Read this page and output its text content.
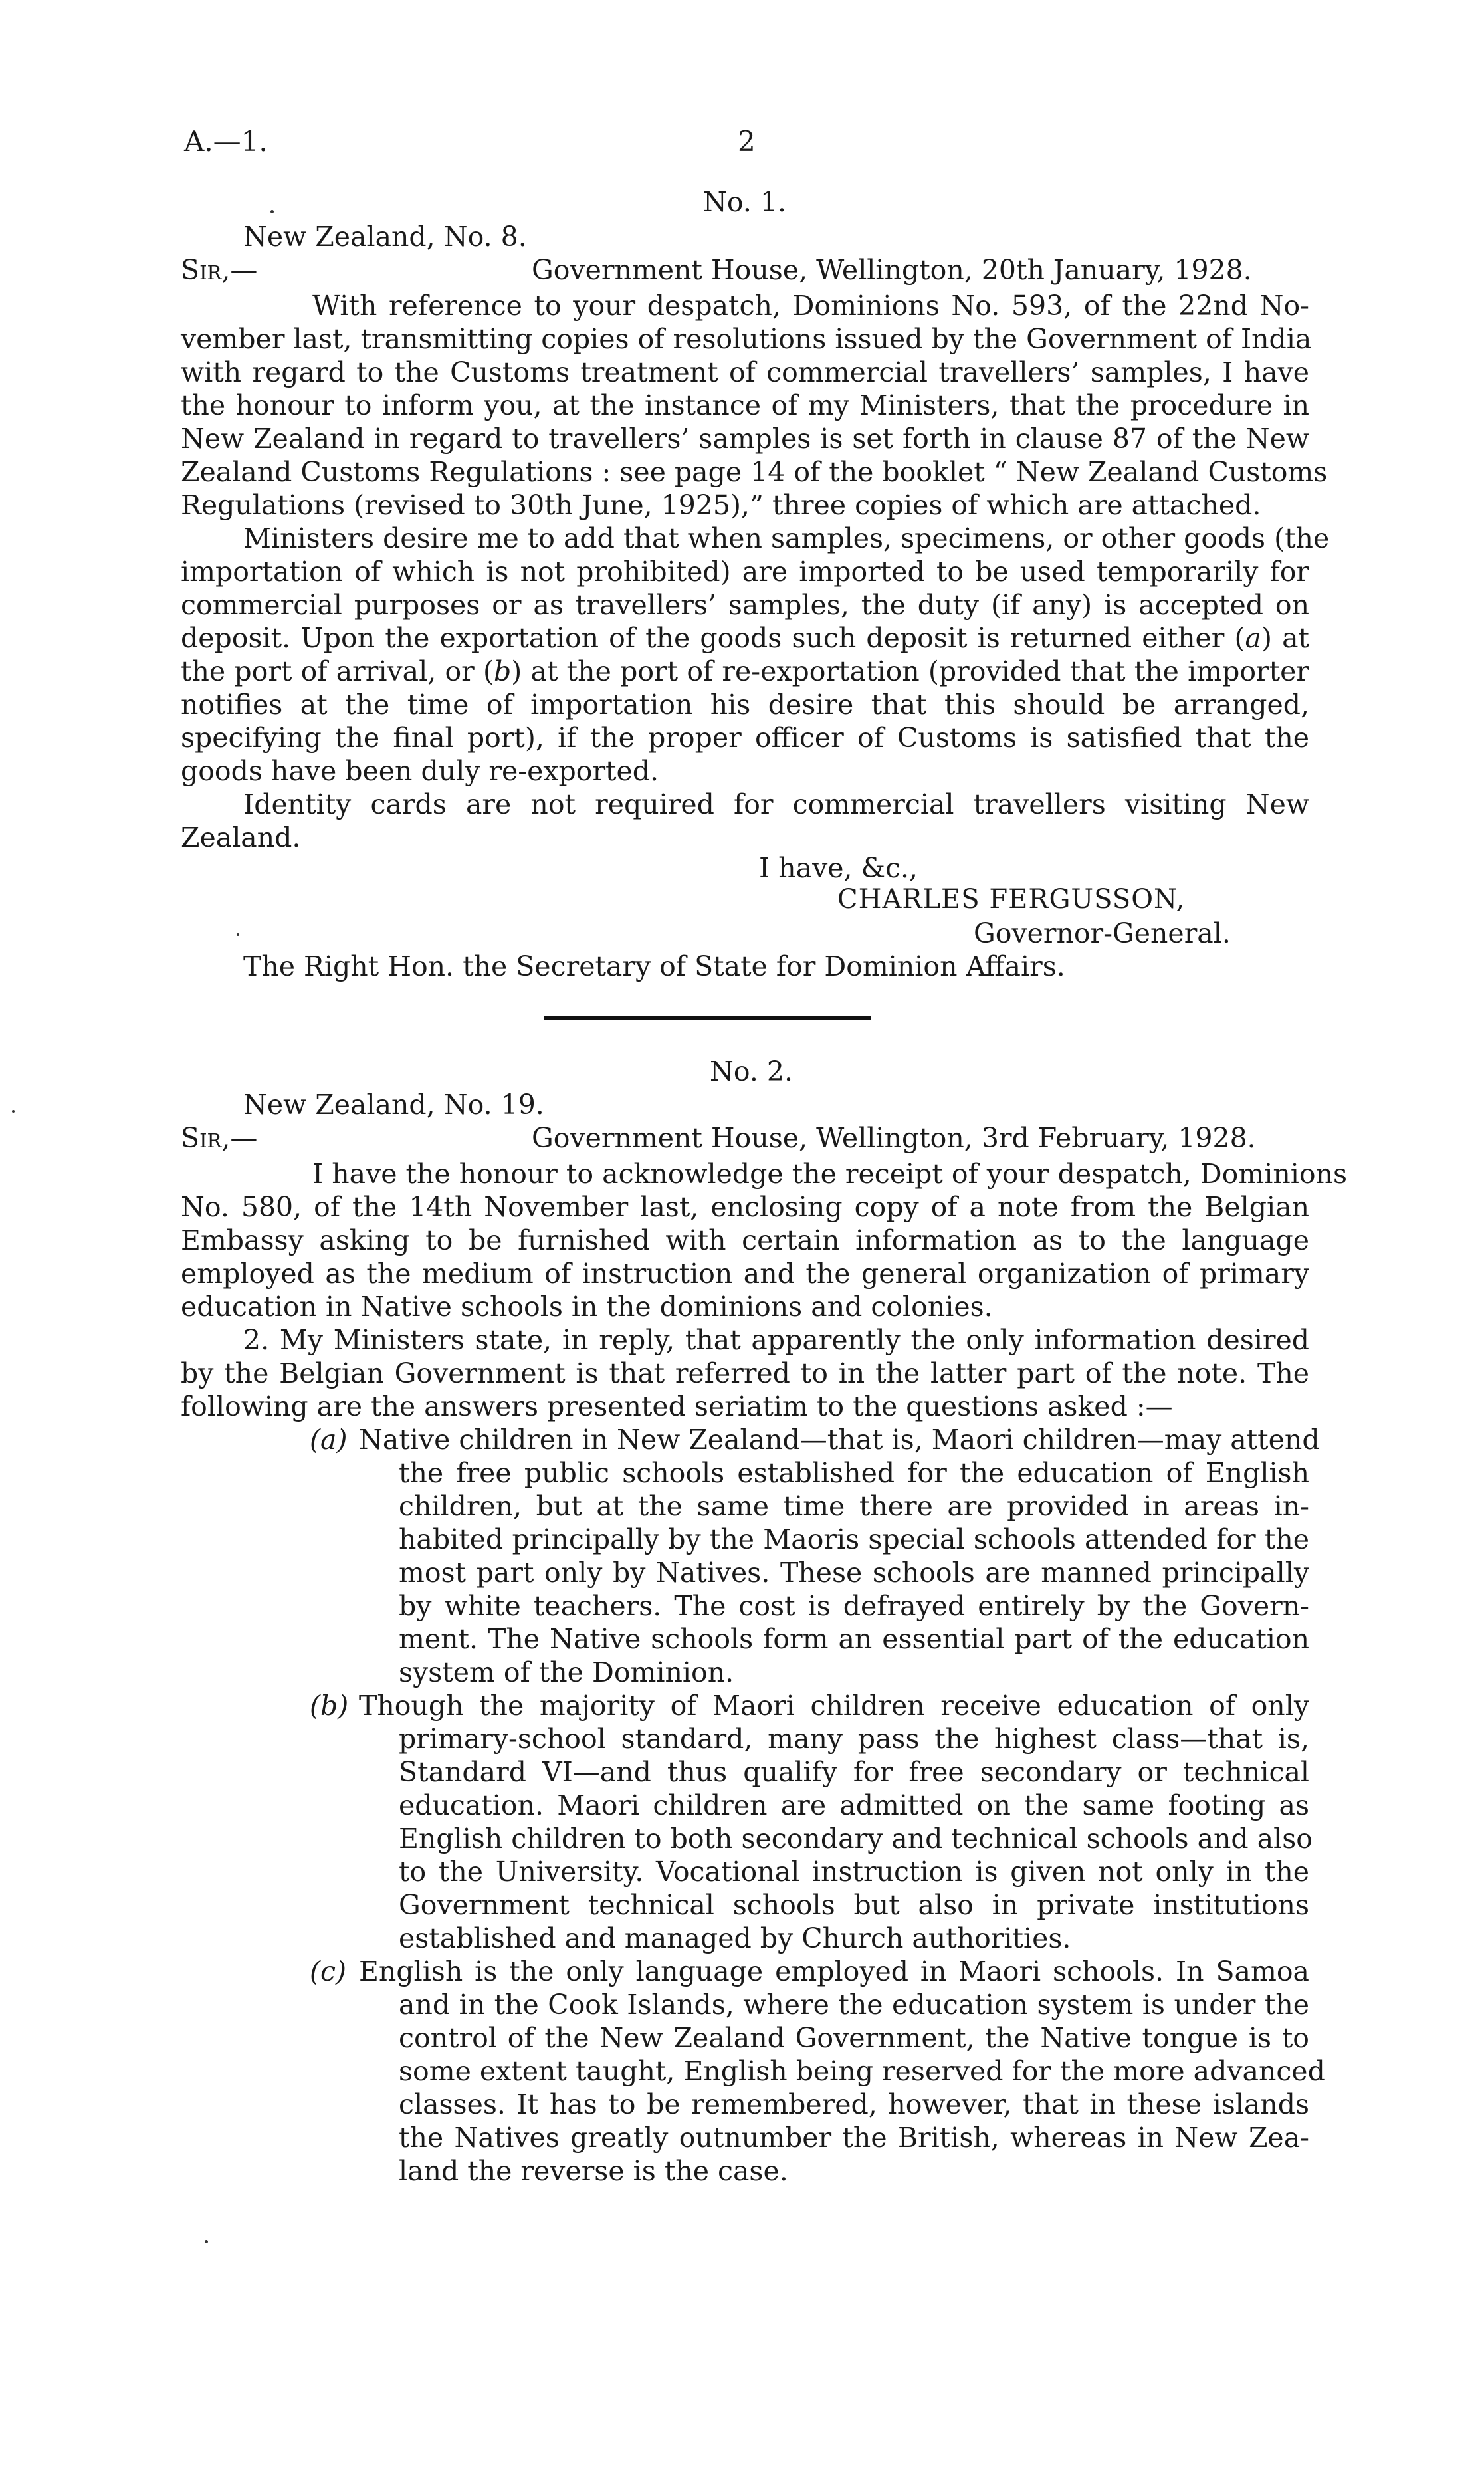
A.—1.	2
No. 1.
New Zealand, No. 8.
Sir,—	Government House, Wellington, 20th January, 1928.
With reference to your despatch, Dominions No. 593, of the 22nd No-
vember last, transmitting copies of resolutions issued by the Government of India
with regard to the Customs treatment of commercial travellers’ samples, I have
the honour to inform you, at the instance of my Ministers, that the procedure in
New Zealand in regard to travellers’ samples is set forth in clause 87 of the New
Zealand Customs Regulations : see page 14 of the booklet “ New Zealand Customs
Regulations (revised to 30th June, 1925),” three copies of which are attached.
Ministers desire me to add that when samples, specimens, or other goods (the
importation of which is not prohibited) are imported to be used temporarily for
commercial purposes or as travellers’ samples, the duty (if any) is accepted on
deposit. Upon the exportation of the goods such deposit is returned either (a) at
the port of arrival, or (b) at the port of re-exportation (provided that the importer
notifies at the time of importation his desire that this should be arranged,
specifying the final port), if the proper officer of Customs is satisfied that the
goods have been duly re-exported.
Identity cards are not required for commercial travellers visiting New
Zealand.
I have, &c.,
CHARLES FERGUSSON,
Governor-General.
The Right Hon. the Secretary of State for Dominion Affairs.
No. 2.
New Zealand, No. 19.
Sir,—	Government House, Wellington, 3rd February, 1928.
I have the honour to acknowledge the receipt of your despatch, Dominions
No. 580, of the 14th November last, enclosing copy of a note from the Belgian
Embassy asking to be furnished with certain information as to the language
employed as the medium of instruction and the general organization of primary
education in Native schools in the dominions and colonies.
2. My Ministers state, in reply, that apparently the only information desired
by the Belgian Government is that referred to in the latter part of the note. The
following are the answers presented seriatim to the questions asked :—
(a) Native children in New Zealand—that is, Maori children—may attend
the free public schools established for the education of English
children, but at the same time there are provided in areas in-
habited principally by the Maoris special schools attended for the
most part only by Natives. These schools are manned principally
by white teachers. The cost is defrayed entirely by the Govern-
ment. The Native schools form an essential part of the education
system of the Dominion.
(b) Though the majority of Maori children receive education of only
primary-school standard, many pass the highest class—that is,
Standard VI—and thus qualify for free secondary or technical
education. Maori children are admitted on the same footing as
English children to both secondary and technical schools and also
to the University. Vocational instruction is given not only in the
Government technical schools but also in private institutions
established and managed by Church authorities.
(c) English is the only language employed in Maori schools. In Samoa
and in the Cook Islands, where the education system is under the
control of the New Zealand Government, the Native tongue is to
some extent taught, English being reserved for the more advanced
classes. It has to be remembered, however, that in these islands
the Natives greatly outnumber the British, whereas in New Zea-
land the reverse is the case.
